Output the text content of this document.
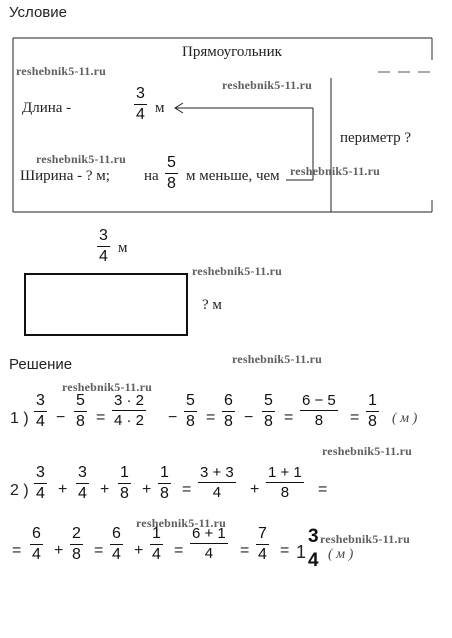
Условие
Прямоугольник
Длина -
3
4 м
периметр ?
Ширина - ? м; на
5
8 м меньше, чем
3
4 м
? м
Решение
1 )
3
4 −
5
8 =
3 · 2
4 · 2 −
5
8 =
6
8 −
5
8 =
6 − 5
8 =
1
8 ( м )
2 )
3
4 +
3
4 +
1
8 +
1
8 =
3 + 3
4 +
1 + 1
8 =
=
6
4 +
2
8 =
6
4 +
1
4 =
6 + 1
4 =
7
4 = 1
3
4 ( м )
reshebnik5-11.ru
reshebnik5-11.ru
reshebnik5-11.ru
reshebnik5-11.ru
reshebnik5-11.ru
reshebnik5-11.ru
reshebnik5-11.ru
reshebnik5-11.ru
reshebnik5-11.ru
reshebnik5-11.ru
